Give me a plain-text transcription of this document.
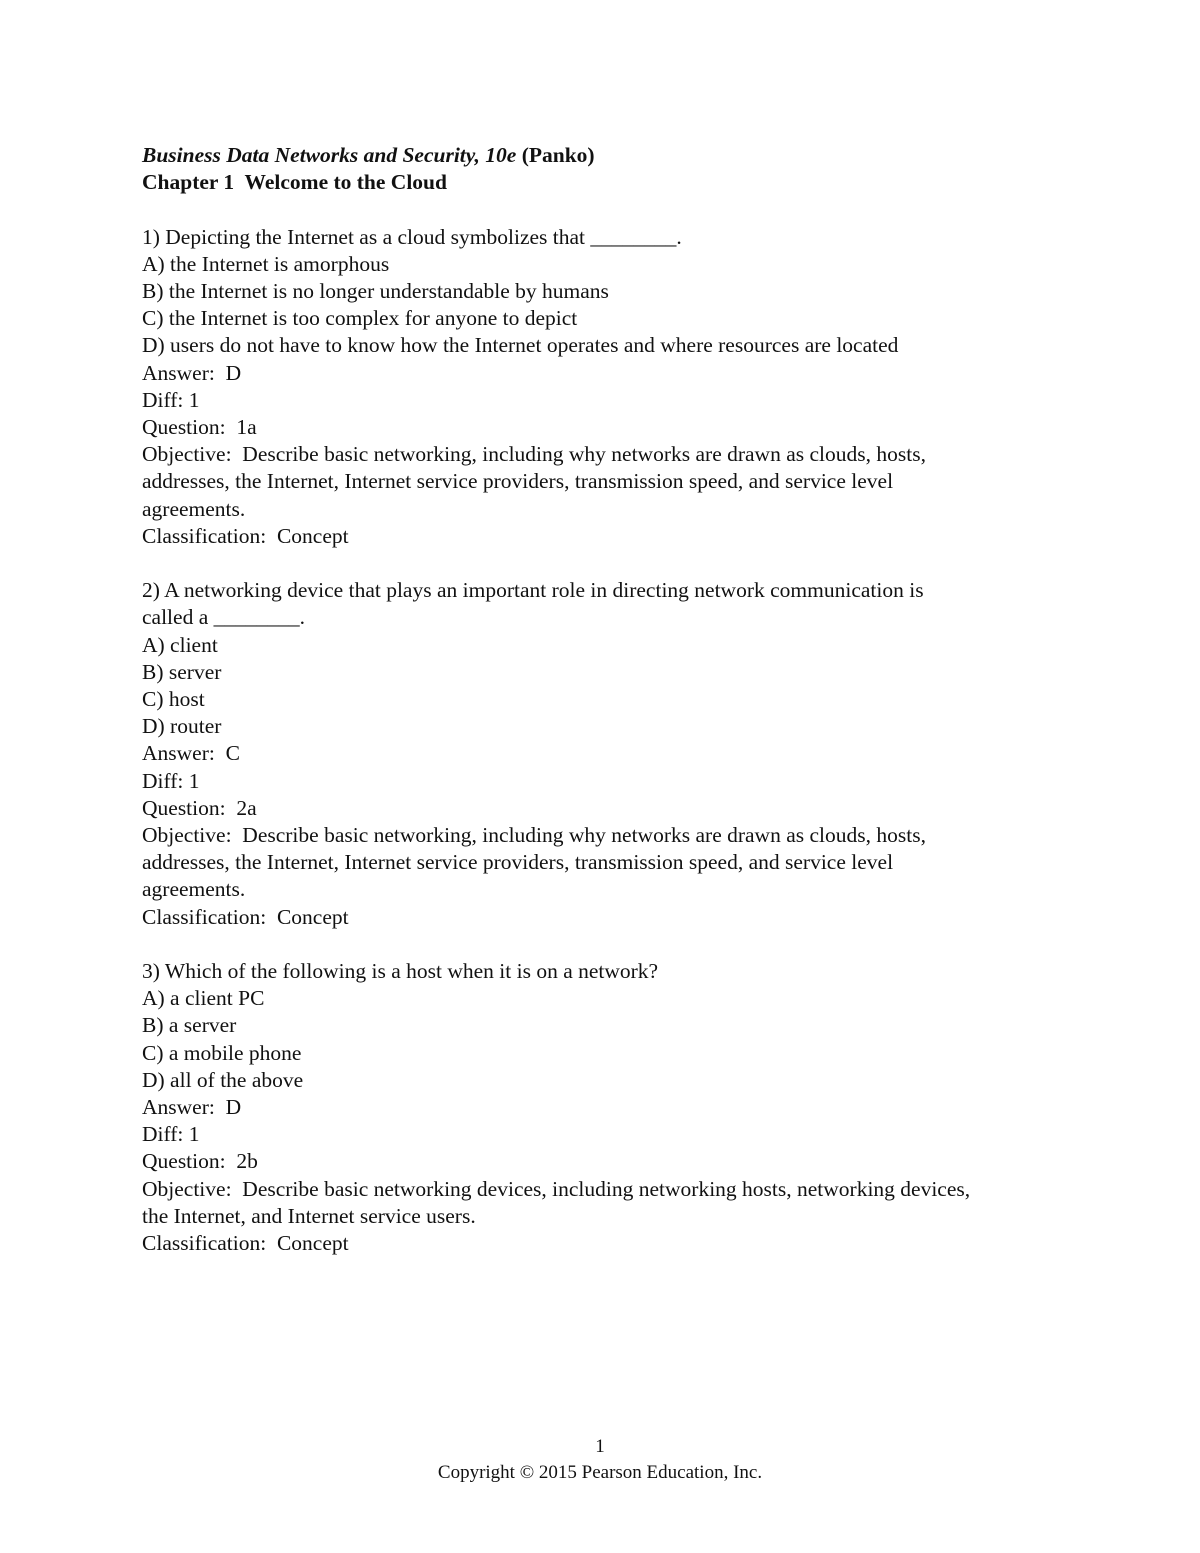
Business Data Networks and Security, 10e (Panko)
Chapter 1  Welcome to the Cloud
1) Depicting the Internet as a cloud symbolizes that ________.
A) the Internet is amorphous
B) the Internet is no longer understandable by humans
C) the Internet is too complex for anyone to depict
D) users do not have to know how the Internet operates and where resources are located
Answer:  D
Diff: 1
Question:  1a
Objective:  Describe basic networking, including why networks are drawn as clouds, hosts,
addresses, the Internet, Internet service providers, transmission speed, and service level
agreements.
Classification:  Concept
2) A networking device that plays an important role in directing network communication is
called a ________.
A) client
B) server
C) host
D) router
Answer:  C
Diff: 1
Question:  2a
Objective:  Describe basic networking, including why networks are drawn as clouds, hosts,
addresses, the Internet, Internet service providers, transmission speed, and service level
agreements.
Classification:  Concept
3) Which of the following is a host when it is on a network?
A) a client PC
B) a server
C) a mobile phone
D) all of the above
Answer:  D
Diff: 1
Question:  2b
Objective:  Describe basic networking devices, including networking hosts, networking devices,
the Internet, and Internet service users.
Classification:  Concept
1
Copyright © 2015 Pearson Education, Inc.
